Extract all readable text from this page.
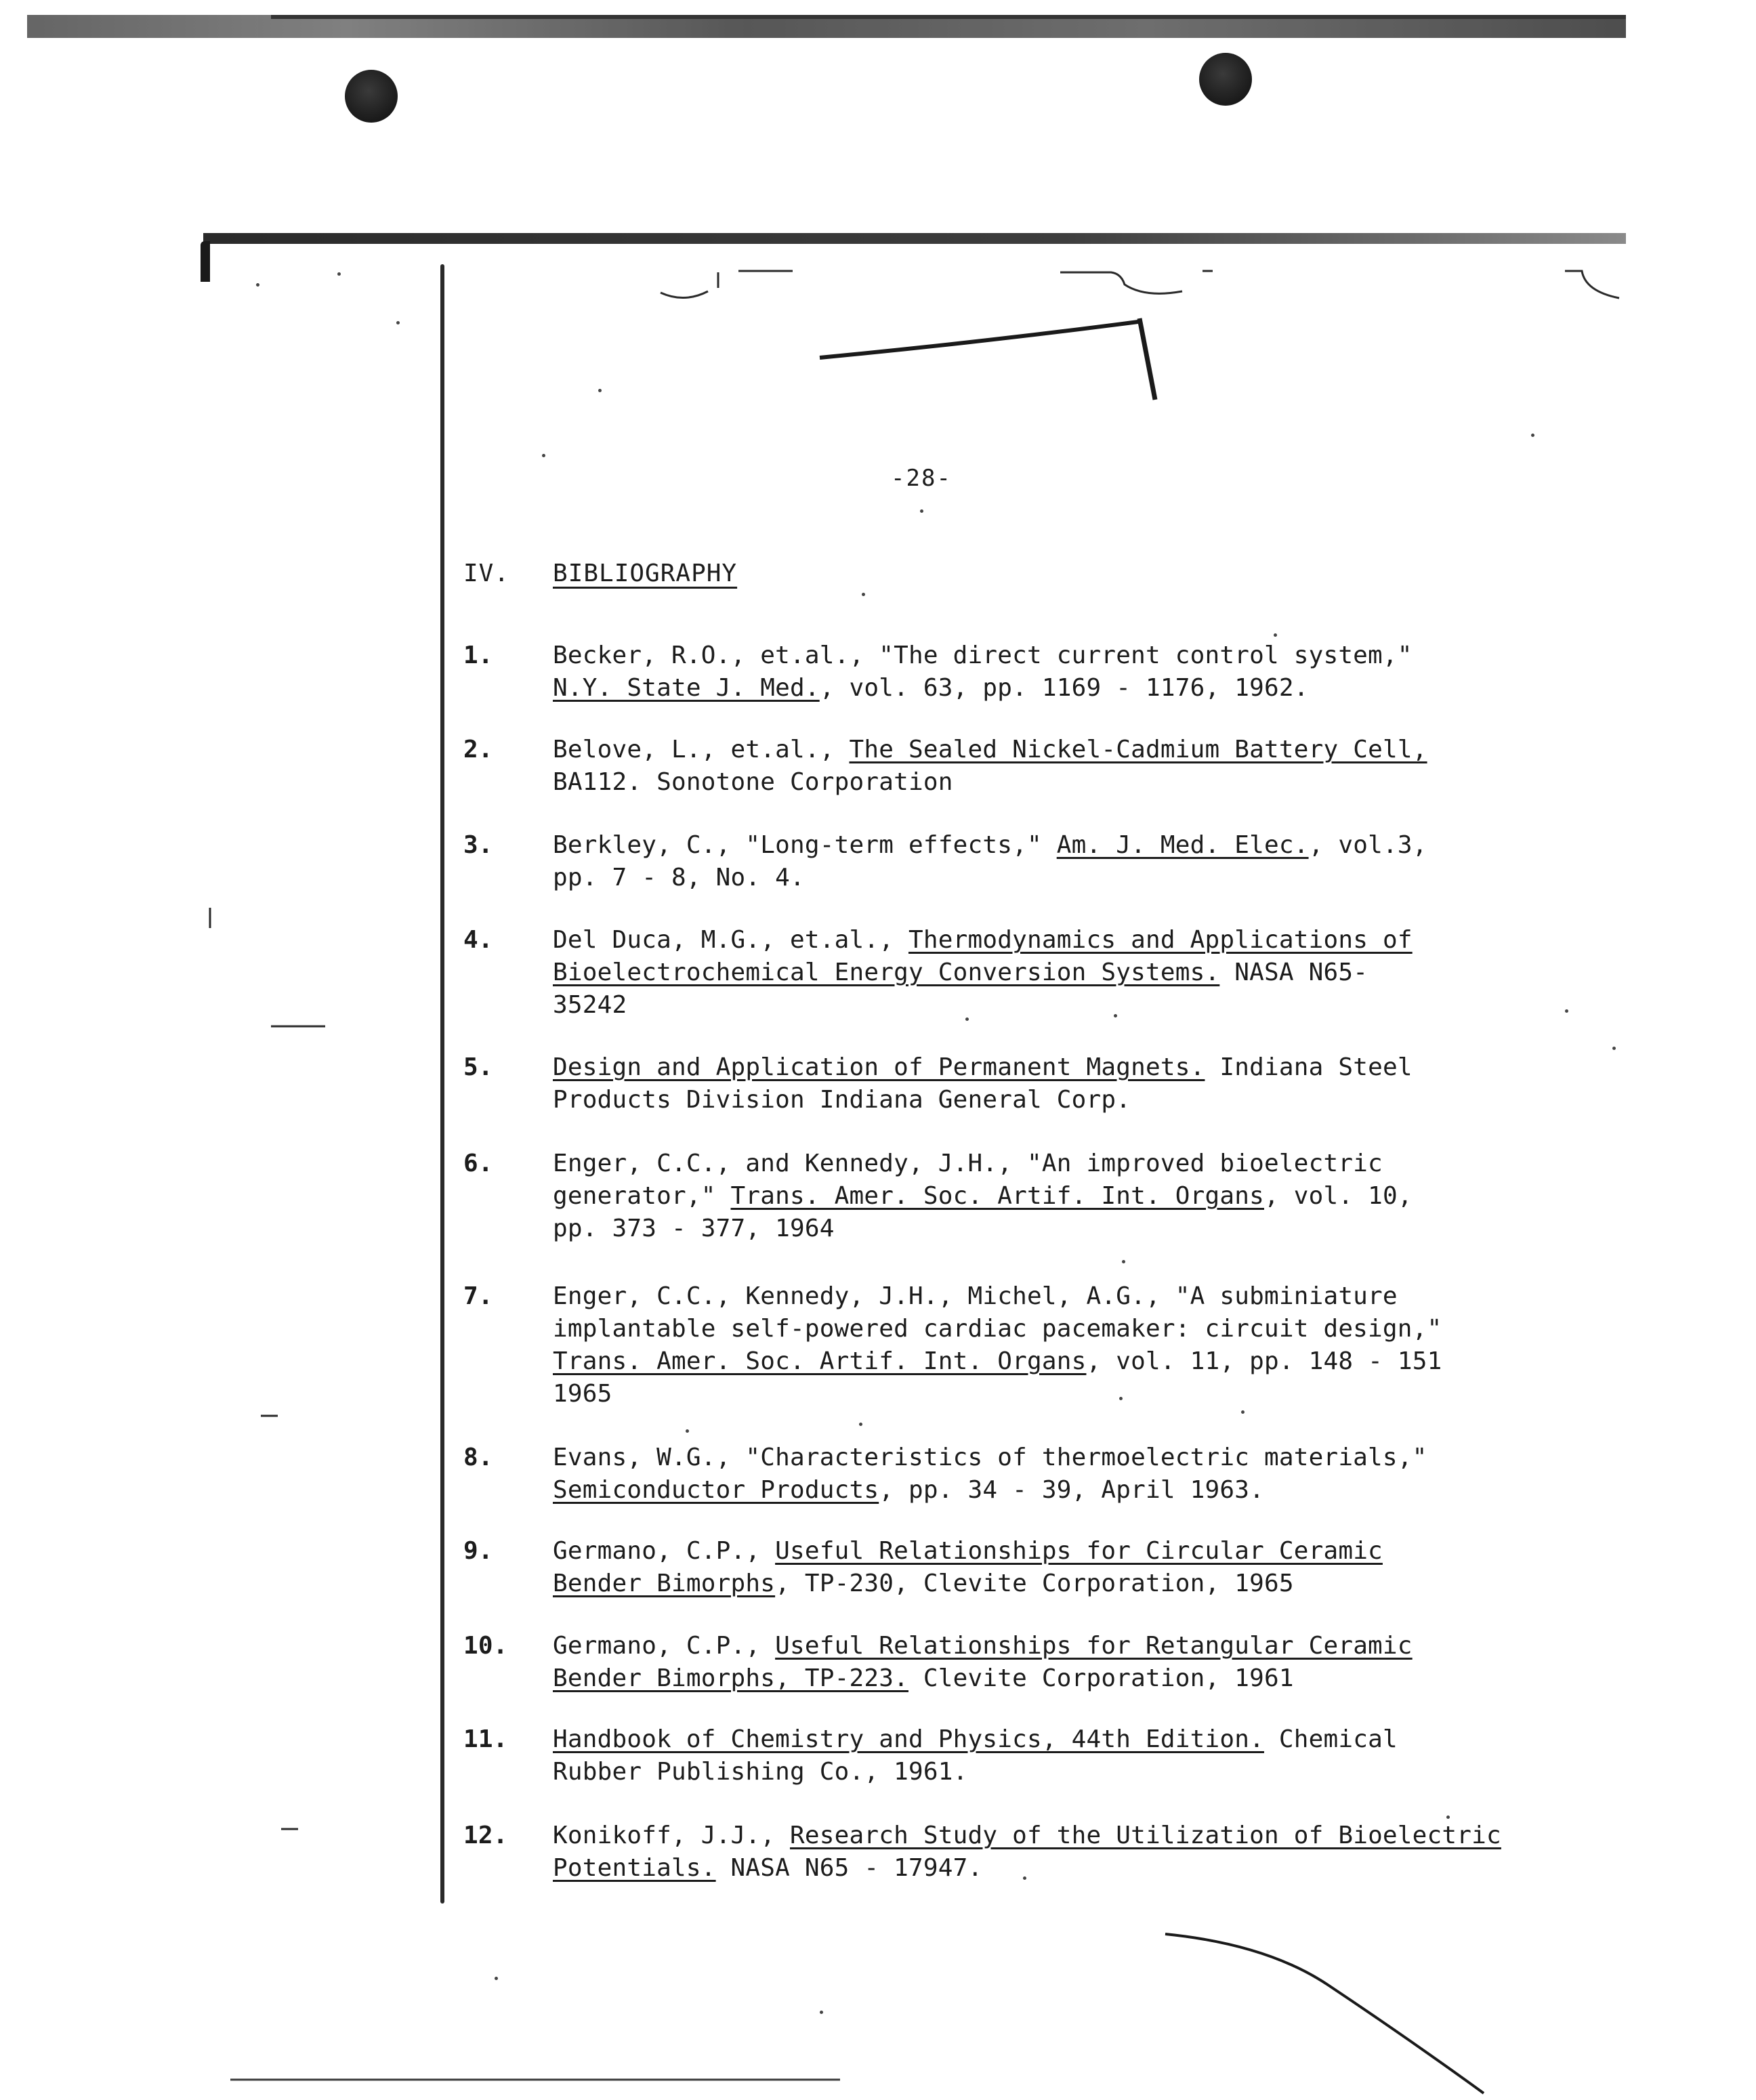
-28-
IV.	BIBLIOGRAPHY
1.	Becker, R.O., et.al., "The direct current control system,"
N.Y. State J. Med., vol. 63, pp. 1169 - 1176, 1962.
2.	Belove, L., et.al., The Sealed Nickel-Cadmium Battery Cell,
BA112. Sonotone Corporation
3.	Berkley, C., "Long-term effects," Am. J. Med. Elec., vol.3,
pp. 7 - 8, No. 4.
4.	Del Duca, M.G., et.al., Thermodynamics and Applications of
Bioelectrochemical Energy Conversion Systems. NASA N65-
35242
5.	Design and Application of Permanent Magnets. Indiana Steel
Products Division Indiana General Corp.
6.	Enger, C.C., and Kennedy, J.H., "An improved bioelectric
generator," Trans. Amer. Soc. Artif. Int. Organs, vol. 10,
pp. 373 - 377, 1964
7.	Enger, C.C., Kennedy, J.H., Michel, A.G., "A subminiature
implantable self-powered cardiac pacemaker: circuit design,"
Trans. Amer. Soc. Artif. Int. Organs, vol. 11, pp. 148 - 151
1965
8.	Evans, W.G., "Characteristics of thermoelectric materials,"
Semiconductor Products, pp. 34 - 39, April 1963.
9.	Germano, C.P., Useful Relationships for Circular Ceramic
Bender Bimorphs, TP-230, Clevite Corporation, 1965
10.	Germano, C.P., Useful Relationships for Retangular Ceramic
Bender Bimorphs, TP-223. Clevite Corporation, 1961
11.	Handbook of Chemistry and Physics, 44th Edition. Chemical
Rubber Publishing Co., 1961.
12.	Konikoff, J.J., Research Study of the Utilization of Bioelectric
Potentials. NASA N65 - 17947.
